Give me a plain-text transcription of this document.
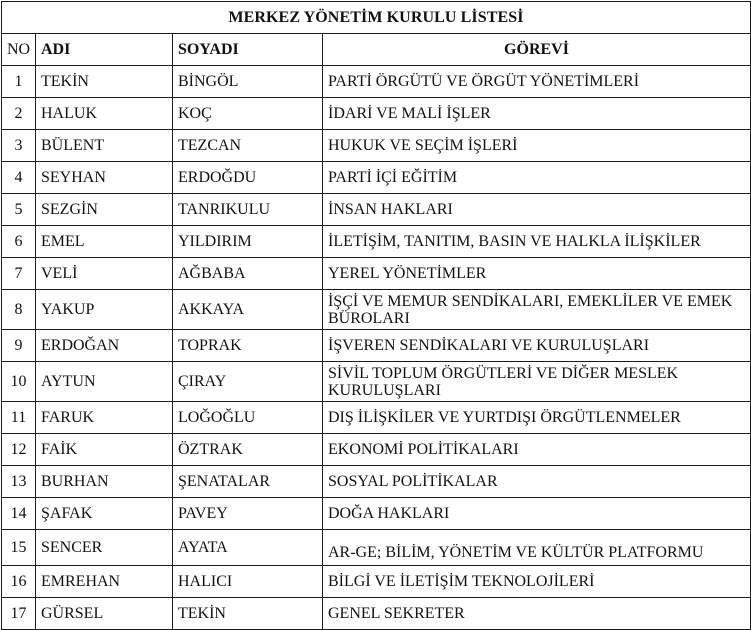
MERKEZ YÖNETİM KURULU LİSTESİ			
NO	ADI	SOYADI	GÖREVİ
1	TEKİN	BİNGÖL	PARTİ ÖRGÜTÜ VE ÖRGÜT YÖNETİMLERİ
2	HALUK	KOÇ	İDARİ VE MALİ İŞLER
3	BÜLENT	TEZCAN	HUKUK VE SEÇİM İŞLERİ
4	SEYHAN	ERDOĞDU	PARTİ İÇİ EĞİTİM
5	SEZGİN	TANRIKULU	İNSAN HAKLARI
6	EMEL	YILDIRIM	İLETİŞİM, TANITIM, BASIN VE HALKLA İLİŞKİLER
7	VELİ	AĞBABA	YEREL YÖNETİMLER
8	YAKUP	AKKAYA	İŞÇİ VE MEMUR SENDİKALARI, EMEKLİLER VE EMEK BÜROLARI
9	ERDOĞAN	TOPRAK	İŞVEREN SENDİKALARI VE KURULUŞLARI
10	AYTUN	ÇIRAY	SİVİL TOPLUM ÖRGÜTLERİ VE DİĞER MESLEK KURULUŞLARI
11	FARUK	LOĞOĞLU	DIŞ İLİŞKİLER VE YURTDIŞI ÖRGÜTLENMELER
12	FAİK	ÖZTRAK	EKONOMİ POLİTİKALARI
13	BURHAN	ŞENATALAR	SOSYAL POLİTİKALAR
14	ŞAFAK	PAVEY	DOĞA HAKLARI
15	SENCER	AYATA	AR-GE; BİLİM, YÖNETİM VE KÜLTÜR PLATFORMU
16	EMREHAN	HALICI	BİLGİ VE İLETİŞİM TEKNOLOJİLERİ
17	GÜRSEL	TEKİN	GENEL SEKRETER
